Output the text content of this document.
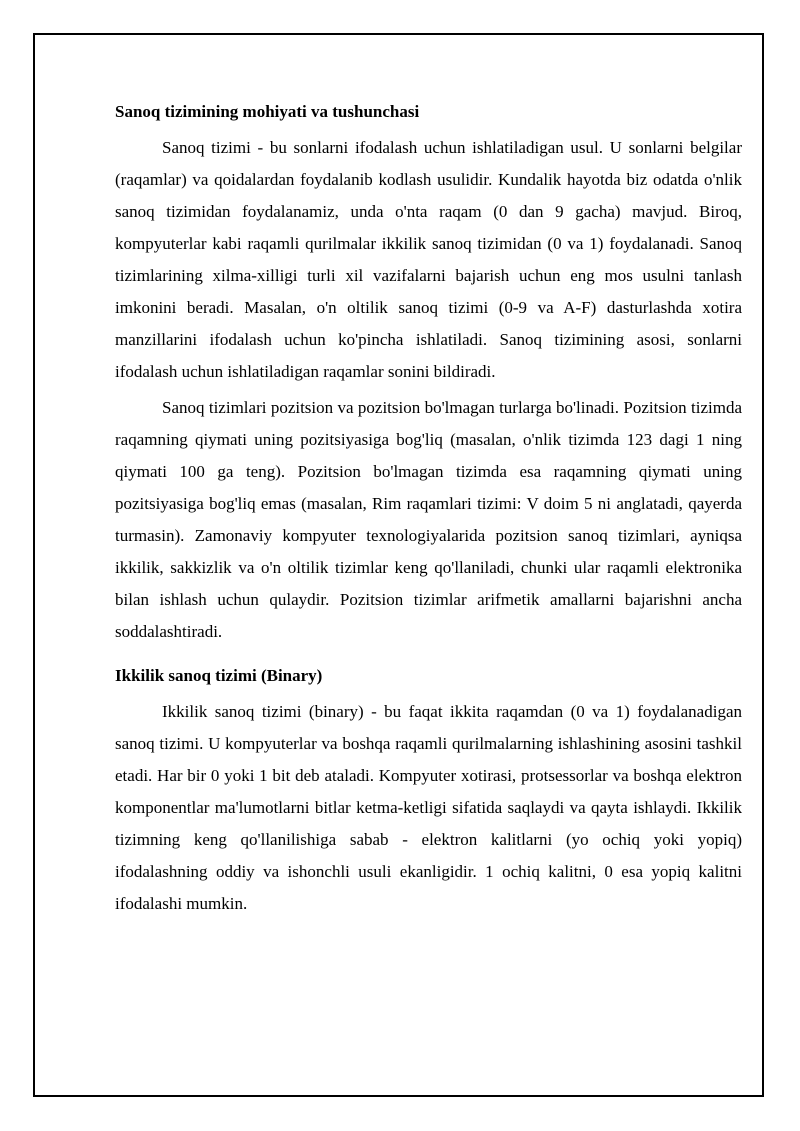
Sanoq tizimining mohiyati va tushunchasi

Sanoq tizimi - bu sonlarni ifodalash uchun ishlatiladigan usul. U sonlarni belgilar (raqamlar) va qoidalardan foydalanib kodlash usulidir. Kundalik hayotda biz odatda o'nlik sanoq tizimidan foydalanamiz, unda o'nta raqam (0 dan 9 gacha) mavjud. Biroq, kompyuterlar kabi raqamli qurilmalar ikkilik sanoq tizimidan (0 va 1) foydalanadi. Sanoq tizimlarining xilma-xilligi turli xil vazifalarni bajarish uchun eng mos usulni tanlash imkonini beradi. Masalan, o'n oltilik sanoq tizimi (0-9 va A-F) dasturlashda xotira manzillarini ifodalash uchun ko'pincha ishlatiladi. Sanoq tizimining asosi, sonlarni ifodalash uchun ishlatiladigan raqamlar sonini bildiradi.

Sanoq tizimlari pozitsion va pozitsion bo'lmagan turlarga bo'linadi. Pozitsion tizimda raqamning qiymati uning pozitsiyasiga bog'liq (masalan, o'nlik tizimda 123 dagi 1 ning qiymati 100 ga teng). Pozitsion bo'lmagan tizimda esa raqamning qiymati uning pozitsiyasiga bog'liq emas (masalan, Rim raqamlari tizimi: V doim 5 ni anglatadi, qayerda turmasin). Zamonaviy kompyuter texnologiyalarida pozitsion sanoq tizimlari, ayniqsa ikkilik, sakkizlik va o'n oltilik tizimlar keng qo'llaniladi, chunki ular raqamli elektronika bilan ishlash uchun qulaydir. Pozitsion tizimlar arifmetik amallarni bajarishni ancha soddalashtiradi.

Ikkilik sanoq tizimi (Binary)

Ikkilik sanoq tizimi (binary) - bu faqat ikkita raqamdan (0 va 1) foydalanadigan sanoq tizimi. U kompyuterlar va boshqa raqamli qurilmalarning ishlashining asosini tashkil etadi. Har bir 0 yoki 1 bit deb ataladi. Kompyuter xotirasi, protsessorlar va boshqa elektron komponentlar ma'lumotlarni bitlar ketma-ketligi sifatida saqlaydi va qayta ishlaydi. Ikkilik tizimning keng qo'llanilishiga sabab - elektron kalitlarni (yo ochiq yoki yopiq) ifodalashning oddiy va ishonchli usuli ekanligidir. 1 ochiq kalitni, 0 esa yopiq kalitni ifodalashi mumkin.
